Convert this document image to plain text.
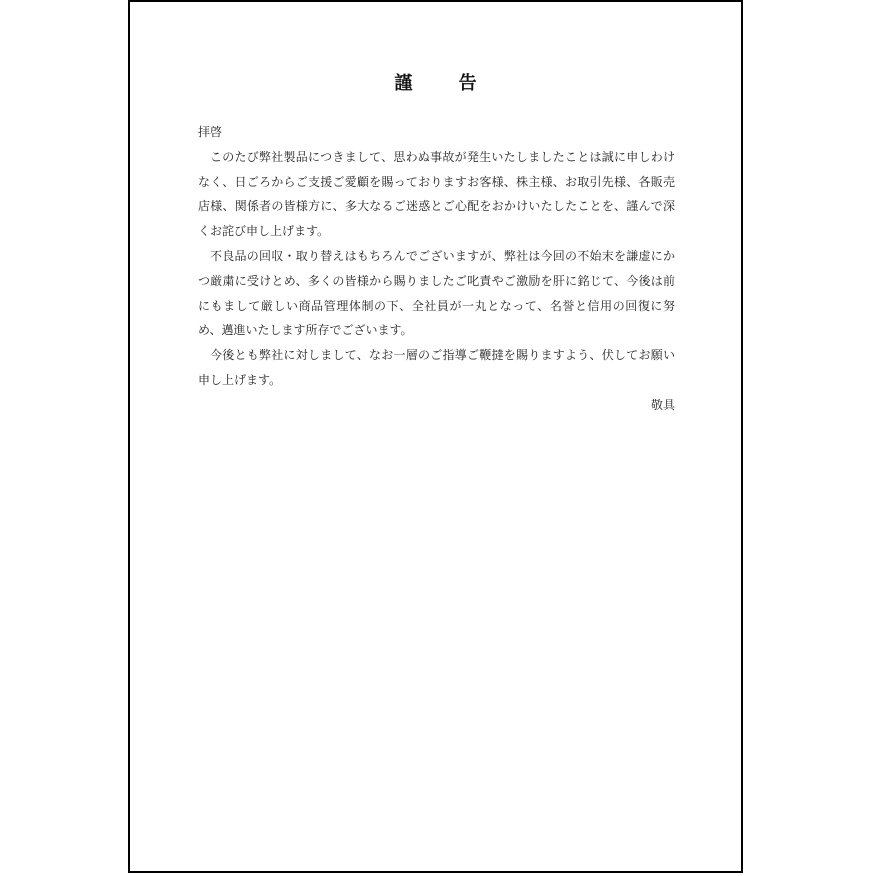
謹 告

拝啓

このたび弊社製品につきまして、思わぬ事故が発生いたしましたことは誠に申しわけなく、日ごろからご支援ご愛顧を賜っておりますお客様、株主様、お取引先様、各販売店様、関係者の皆様方に、多大なるご迷惑とご心配をおかけいたしたことを、謹んで深くお詫び申し上げます。

不良品の回収・取り替えはもちろんでございますが、弊社は今回の不始末を謙虚にかつ厳粛に受けとめ、多くの皆様から賜りましたご叱責やご激励を肝に銘じて、今後は前にもまして厳しい商品管理体制の下、全社員が一丸となって、名誉と信用の回復に努め、邁進いたします所存でございます。

今後とも弊社に対しまして、なお一層のご指導ご鞭撻を賜りますよう、伏してお願い申し上げます。

敬具
